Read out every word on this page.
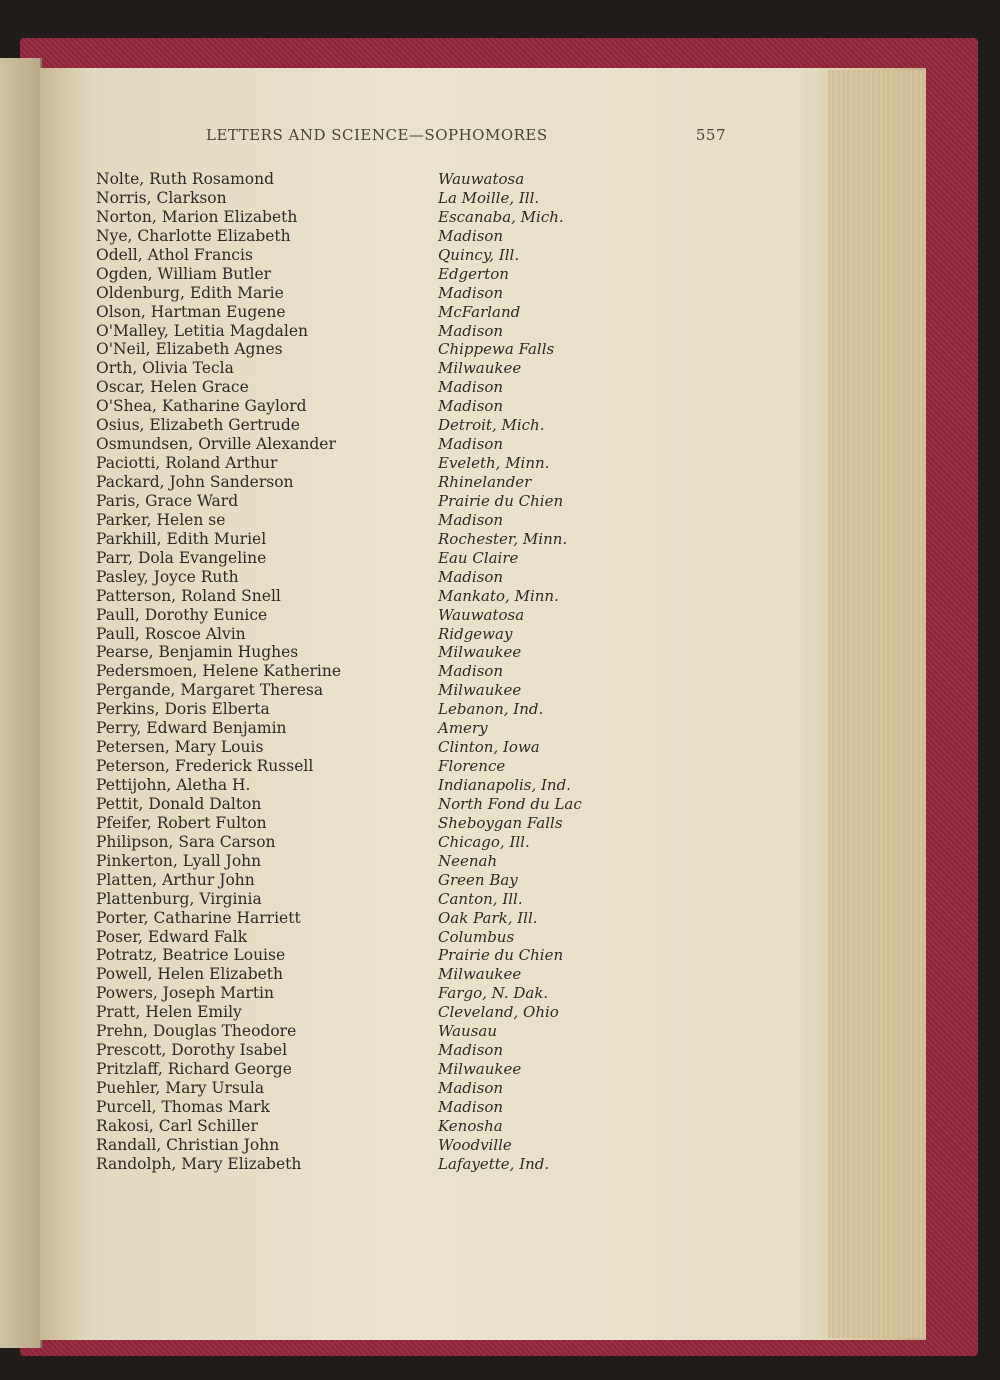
LETTERS AND SCIENCE—SOPHOMORES	557
Nolte, Ruth Rosamond	Wauwatosa
Norris, Clarkson	La Moille, Ill.
Norton, Marion Elizabeth	Escanaba, Mich.
Nye, Charlotte Elizabeth	Madison
Odell, Athol Francis	Quincy, Ill.
Ogden, William Butler	Edgerton
Oldenburg, Edith Marie	Madison
Olson, Hartman Eugene	McFarland
O'Malley, Letitia Magdalen	Madison
O'Neil, Elizabeth Agnes	Chippewa Falls
Orth, Olivia Tecla	Milwaukee
Oscar, Helen Grace	Madison
O'Shea, Katharine Gaylord	Madison
Osius, Elizabeth Gertrude	Detroit, Mich.
Osmundsen, Orville Alexander	Madison
Paciotti, Roland Arthur	Eveleth, Minn.
Packard, John Sanderson	Rhinelander
Paris, Grace Ward	Prairie du Chien
Parker, Helen se	Madison
Parkhill, Edith Muriel	Rochester, Minn.
Parr, Dola Evangeline	Eau Claire
Pasley, Joyce Ruth	Madison
Patterson, Roland Snell	Mankato, Minn.
Paull, Dorothy Eunice	Wauwatosa
Paull, Roscoe Alvin	Ridgeway
Pearse, Benjamin Hughes	Milwaukee
Pedersmoen, Helene Katherine	Madison
Pergande, Margaret Theresa	Milwaukee
Perkins, Doris Elberta	Lebanon, Ind.
Perry, Edward Benjamin	Amery
Petersen, Mary Louis	Clinton, Iowa
Peterson, Frederick Russell	Florence
Pettijohn, Aletha H.	Indianapolis, Ind.
Pettit, Donald Dalton	North Fond du Lac
Pfeifer, Robert Fulton	Sheboygan Falls
Philipson, Sara Carson	Chicago, Ill.
Pinkerton, Lyall John	Neenah
Platten, Arthur John	Green Bay
Plattenburg, Virginia	Canton, Ill.
Porter, Catharine Harriett	Oak Park, Ill.
Poser, Edward Falk	Columbus
Potratz, Beatrice Louise	Prairie du Chien
Powell, Helen Elizabeth	Milwaukee
Powers, Joseph Martin	Fargo, N. Dak.
Pratt, Helen Emily	Cleveland, Ohio
Prehn, Douglas Theodore	Wausau
Prescott, Dorothy Isabel	Madison
Pritzlaff, Richard George	Milwaukee
Puehler, Mary Ursula	Madison
Purcell, Thomas Mark	Madison
Rakosi, Carl Schiller	Kenosha
Randall, Christian John	Woodville
Randolph, Mary Elizabeth	Lafayette, Ind.
